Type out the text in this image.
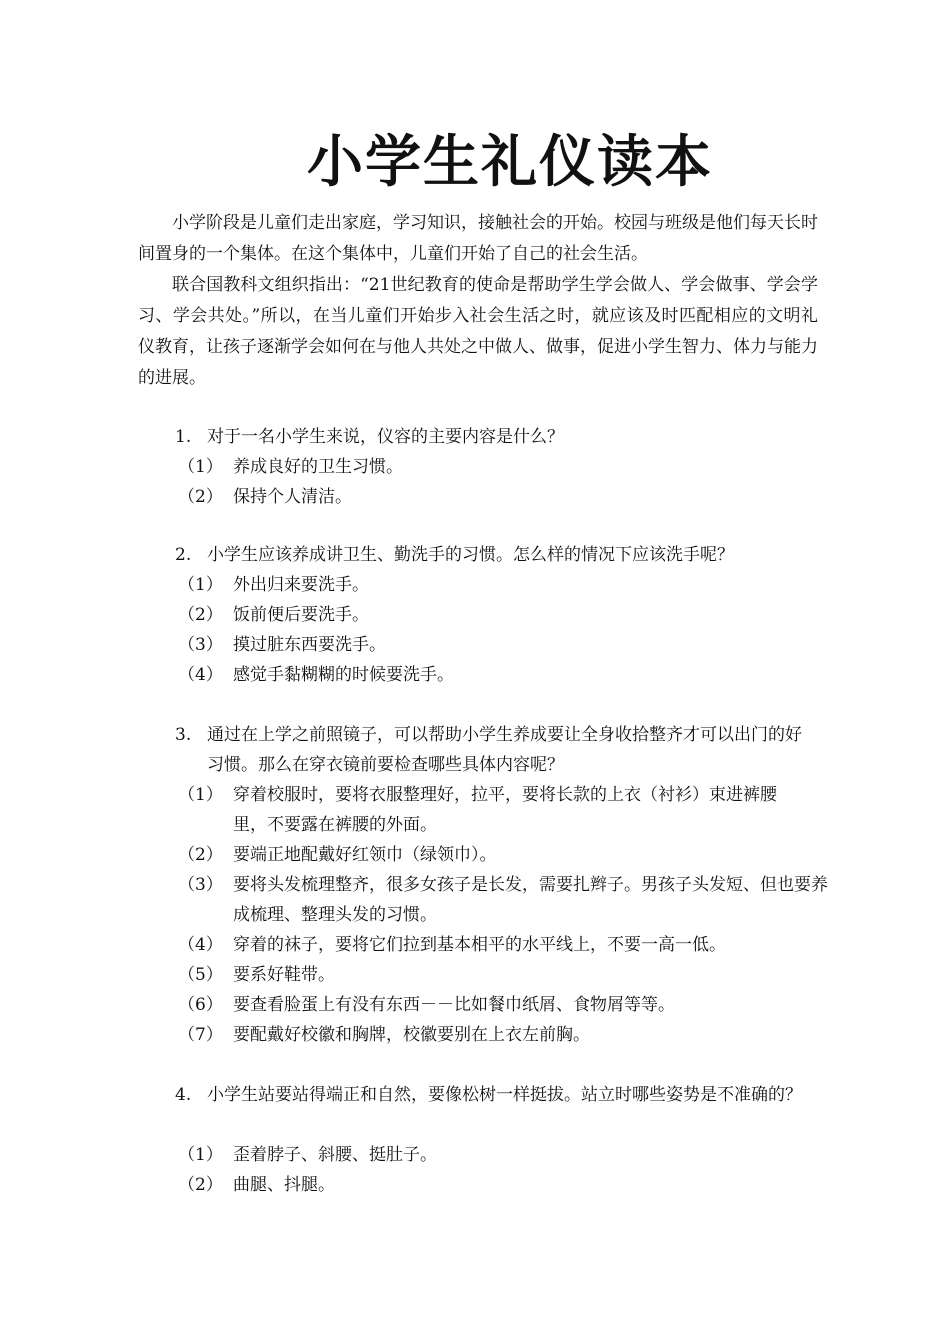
小学生礼仪读本

小学阶段是儿童们走出家庭，学习知识，接触社会的开始。校园与班级是他们每天长时间置身的一个集体。在这个集体中，儿童们开始了自己的社会生活。

联合国教科文组织指出：“21世纪教育的使命是帮助学生学会做人、学会做事、学会学习、学会共处。”所以，在当儿童们开始步入社会生活之时，就应该及时匹配相应的文明礼仪教育，让孩子逐渐学会如何在与他人共处之中做人、做事，促进小学生智力、体力与能力的进展。

1. 对于一名小学生来说，仪容的主要内容是什么？
（1） 养成良好的卫生习惯。
（2） 保持个人清洁。
2. 小学生应该养成讲卫生、勤洗手的习惯。怎么样的情况下应该洗手呢？
（1） 外出归来要洗手。
（2） 饭前便后要洗手。
（3） 摸过脏东西要洗手。
（4） 感觉手黏糊糊的时候要洗手。
3. 通过在上学之前照镜子，可以帮助小学生养成要让全身收拾整齐才可以出门的好习惯。那么在穿衣镜前要检查哪些具体内容呢？
（1） 穿着校服时，要将衣服整理好，拉平，要将长款的上衣（衬衫）束进裤腰里，不要露在裤腰的外面。
（2） 要端正地配戴好红领巾（绿领巾）。
（3） 要将头发梳理整齐，很多女孩子是长发，需要扎辫子。男孩子头发短、但也要养成梳理、整理头发的习惯。
（4） 穿着的袜子，要将它们拉到基本相平的水平线上，不要一高一低。
（5） 要系好鞋带。
（6） 要查看脸蛋上有没有东西－－比如餐巾纸屑、食物屑等等。
（7） 要配戴好校徽和胸牌，校徽要别在上衣左前胸。
4. 小学生站要站得端正和自然，要像松树一样挺拔。站立时哪些姿势是不准确的？
（1） 歪着脖子、斜腰、挺肚子。
（2） 曲腿、抖腿。
